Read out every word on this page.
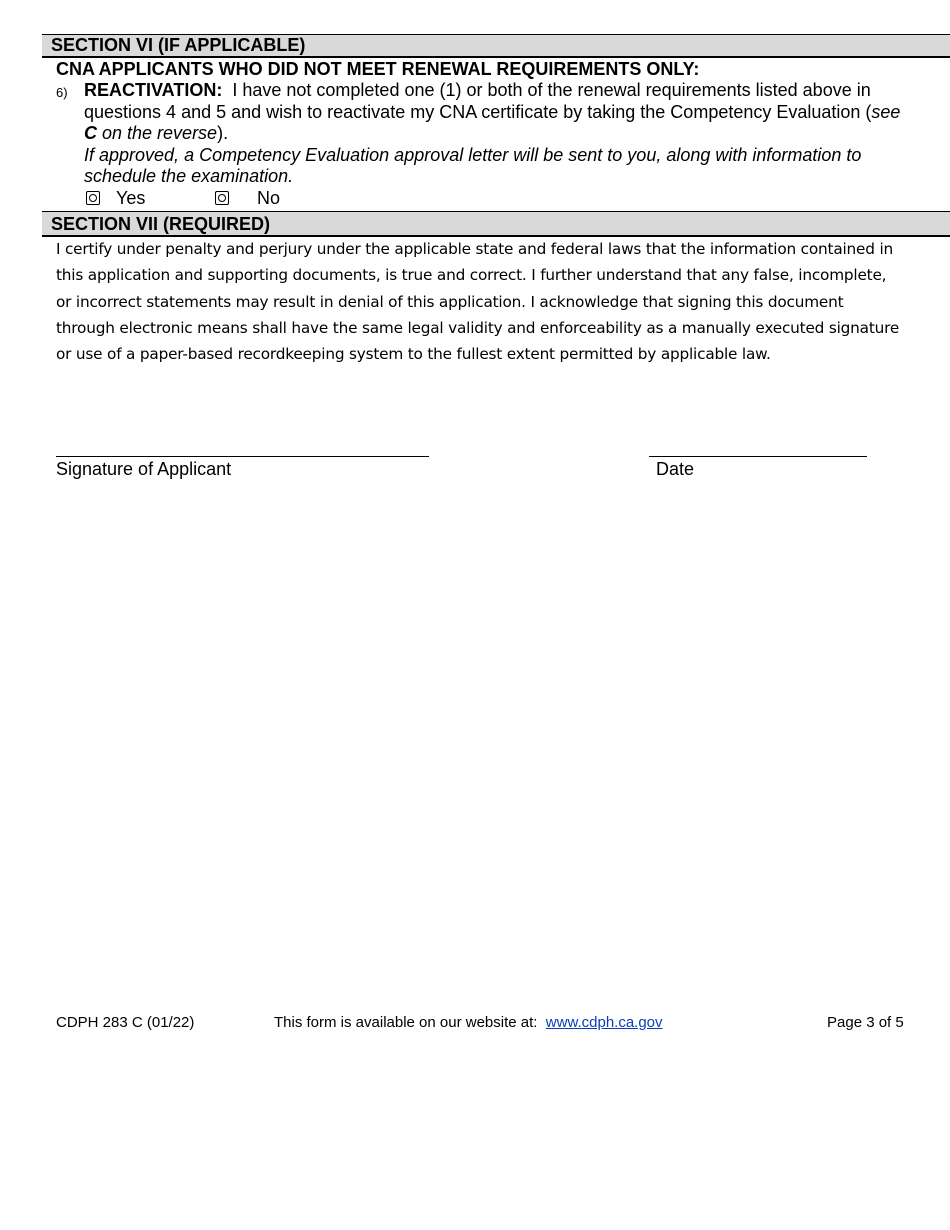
SECTION VI (IF APPLICABLE)
CNA APPLICANTS WHO DID NOT MEET RENEWAL REQUIREMENTS ONLY:
6) REACTIVATION: I have not completed one (1) or both of the renewal requirements listed above in questions 4 and 5 and wish to reactivate my CNA certificate by taking the Competency Evaluation (see C on the reverse).
If approved, a Competency Evaluation approval letter will be sent to you, along with information to schedule the examination.
Yes	No
SECTION VII (REQUIRED)
I certify under penalty and perjury under the applicable state and federal laws that the information contained in this application and supporting documents, is true and correct. I further understand that any false, incomplete, or incorrect statements may result in denial of this application. I acknowledge that signing this document through electronic means shall have the same legal validity and enforceability as a manually executed signature or use of a paper-based recordkeeping system to the fullest extent permitted by applicable law.
Signature of Applicant	Date
CDPH 283 C (01/22)	This form is available on our website at: www.cdph.ca.gov	Page 3 of 5
